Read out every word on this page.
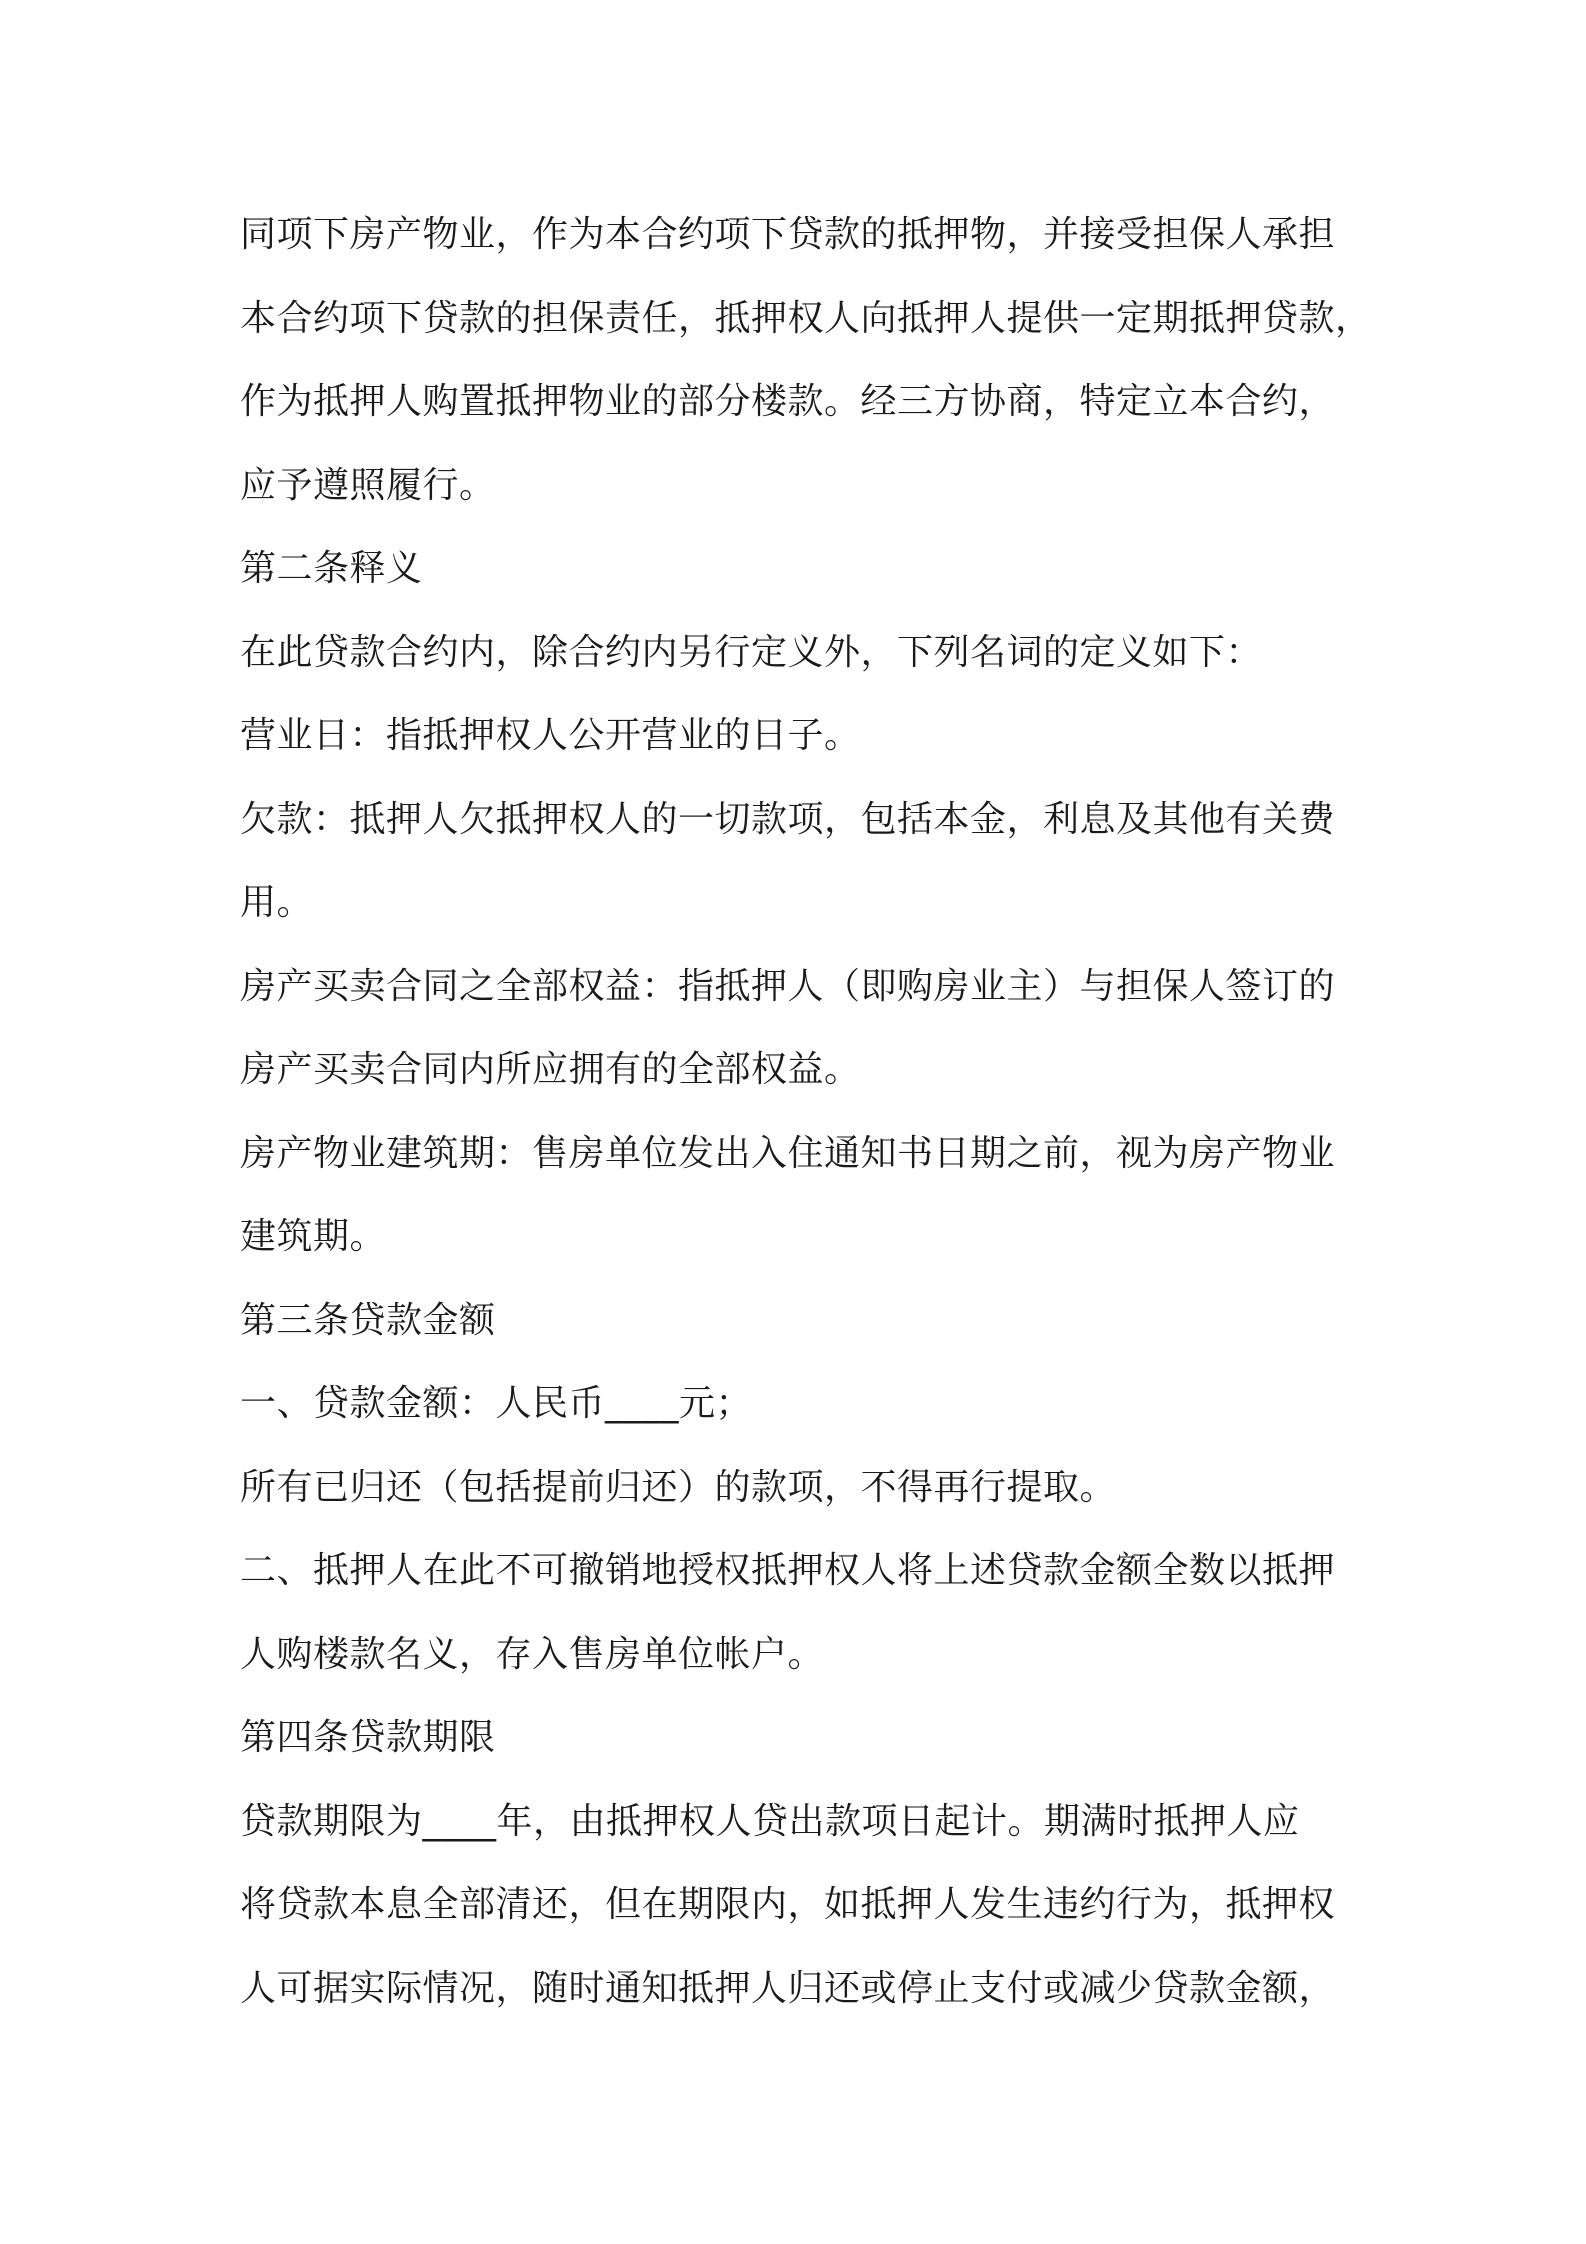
同项下房产物业，作为本合约项下贷款的抵押物，并接受担保人承担
本合约项下贷款的担保责任，抵押权人向抵押人提供一定期抵押贷款，
作为抵押人购置抵押物业的部分楼款。经三方协商，特定立本合约，
应予遵照履行。
第二条释义
在此贷款合约内，除合约内另行定义外，下列名词的定义如下：
营业日：指抵押权人公开营业的日子。
欠款：抵押人欠抵押权人的一切款项，包括本金，利息及其他有关费
用。
房产买卖合同之全部权益：指抵押人（即购房业主）与担保人签订的
房产买卖合同内所应拥有的全部权益。
房产物业建筑期：售房单位发出入住通知书日期之前，视为房产物业
建筑期。
第三条贷款金额
一、贷款金额：人民币____元；
所有已归还（包括提前归还）的款项，不得再行提取。
二、抵押人在此不可撤销地授权抵押权人将上述贷款金额全数以抵押
人购楼款名义，存入售房单位帐户。
第四条贷款期限
贷款期限为____年，由抵押权人贷出款项日起计。期满时抵押人应
将贷款本息全部清还，但在期限内，如抵押人发生违约行为，抵押权
人可据实际情况，随时通知抵押人归还或停止支付或减少贷款金额，
